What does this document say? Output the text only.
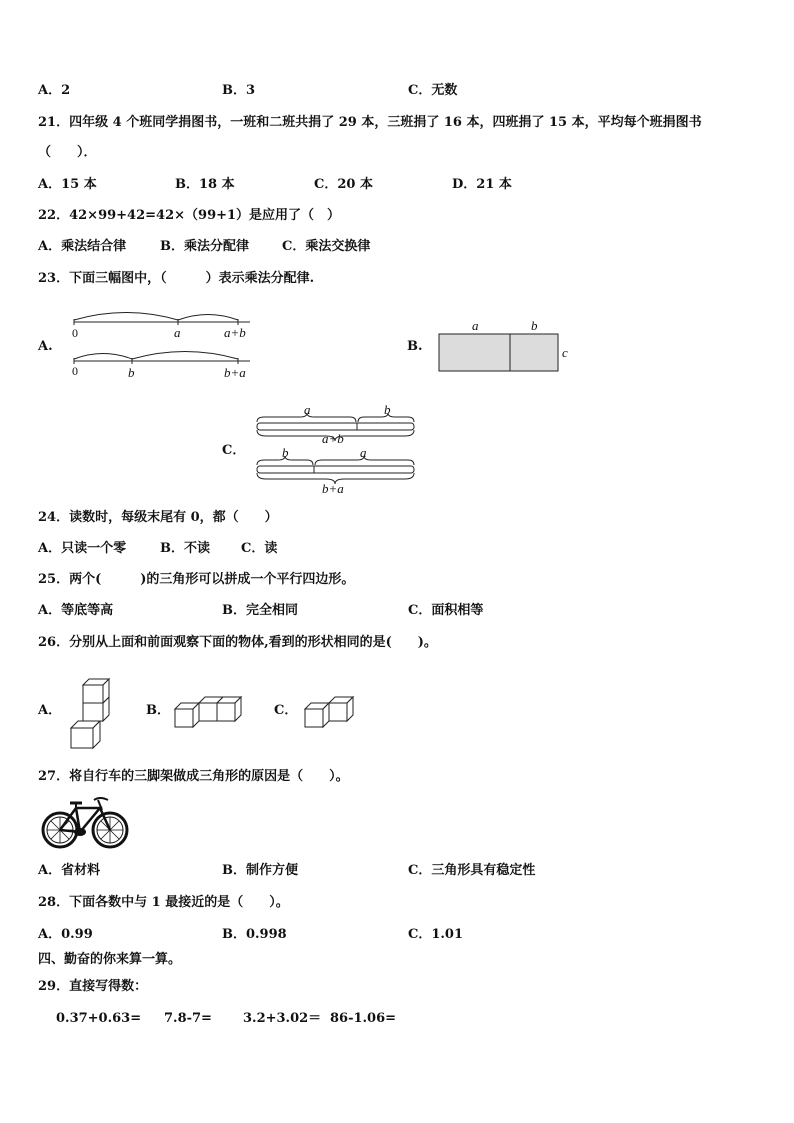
A．2	B．3	C．无数
21．四年级 4 个班同学捐图书，一班和二班共捐了 29 本，三班捐了 16 本，四班捐了 15 本，平均每个班捐图书
（　　）．
A．15 本	B．18 本	C．20 本	D．21 本
22．42×99+42=42×（99+1）是应用了（　）
A．乘法结合律	B．乘法分配律	C．乘法交换律
23．下面三幅图中，（　　　）表示乘法分配律.
A.
0	a	a+b
0	b	b+a
B.
a	b
c
C．
a	b
a+b
b	a
b+a
24．读数时，每级末尾有 0，都（　　）
A．只读一个零	B．不读 C．读
25．两个(　　　)的三角形可以拼成一个平行四边形。
A．等底等高	B．完全相同	C．面积相等
26．分别从上面和前面观察下面的物体,看到的形状相同的是(　　)。
A．	B．	C．
27．将自行车的三脚架做成三角形的原因是（　　）。
A．省材料	B．制作方便	C．三角形具有稳定性
28．下面各数中与 1 最接近的是（　　）。
A．0.99	B．0.998	C．1.01
四、勤奋的你来算一算。
29．直接写得数：
0.37+0.63= 7.8-7= 3.2+3.02＝ 86-1.06=
